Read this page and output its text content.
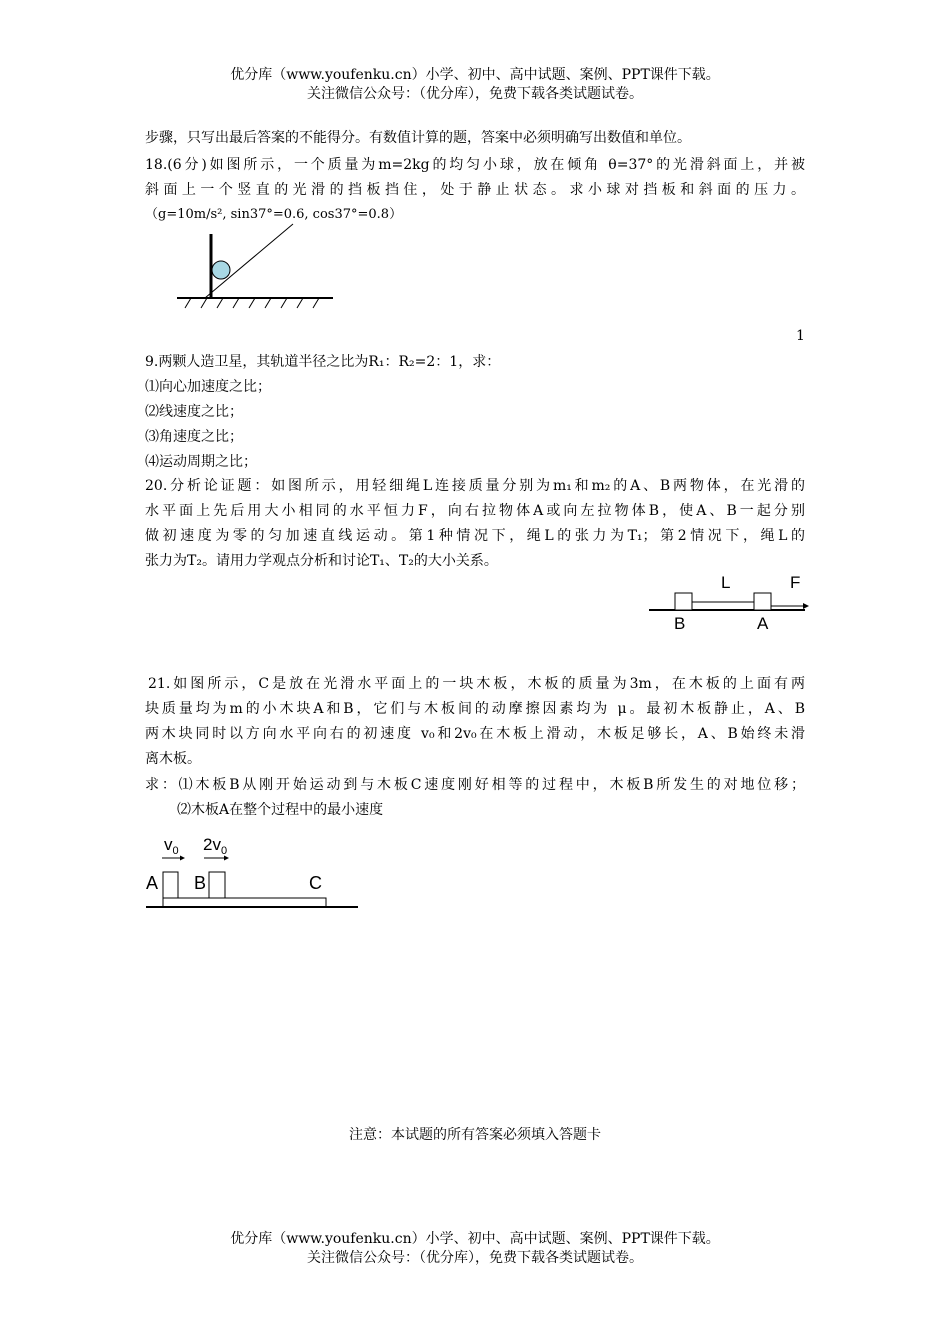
优分库（www.youfenku.cn）小学、初中、高中试题、案例、PPT课件下载。
关注微信公众号：（优分库），免费下载各类试题试卷。
步骤，只写出最后答案的不能得分。有数值计算的题，答案中必须明确写出数值和单位。
18.(6分)如图所示，一个质量为m=2kg的均匀小球，放在倾角 θ=37°的光滑斜面上，并被
斜面上一个竖直的光滑的挡板挡住，处于静止状态。求小球对挡板和斜面的压力。
（g=10m/s², sin37°=0.6, cos37°=0.8）
1
9.两颗人造卫星，其轨道半径之比为R₁：R₂=2：1，求：
⑴向心加速度之比；
⑵线速度之比；
⑶角速度之比；
⑷运动周期之比；
20.分析论证题：如图所示，用轻细绳L连接质量分别为m₁和m₂的A、B两物体，在光滑的
水平面上先后用大小相同的水平恒力F，向右拉物体A或向左拉物体B，使A、B一起分别
做初速度为零的匀加速直线运动。第1种情况下，绳L的张力为T₁；第2情况下，绳L的
张力为T₂。请用力学观点分析和讨论T₁、T₂的大小关系。
L	F
B	A
21.如图所示，C是放在光滑水平面上的一块木板，木板的质量为3m，在木板的上面有两
块质量均为m的小木块A和B，它们与木板间的动摩擦因素均为 μ。最初木板静止，A、B
两木块同时以方向水平向右的初速度 v₀和2v₀在木板上滑动，木板足够长，A、B始终未滑
离木板。
求：⑴木板B从刚开始运动到与木板C速度刚好相等的过程中，木板B所发生的对地位移；
⑵木板A在整个过程中的最小速度
$v_0$ $2v_0$
A B	C
注意：本试题的所有答案必须填入答题卡
优分库（www.youfenku.cn）小学、初中、高中试题、案例、PPT课件下载。
关注微信公众号：（优分库），免费下载各类试题试卷。
